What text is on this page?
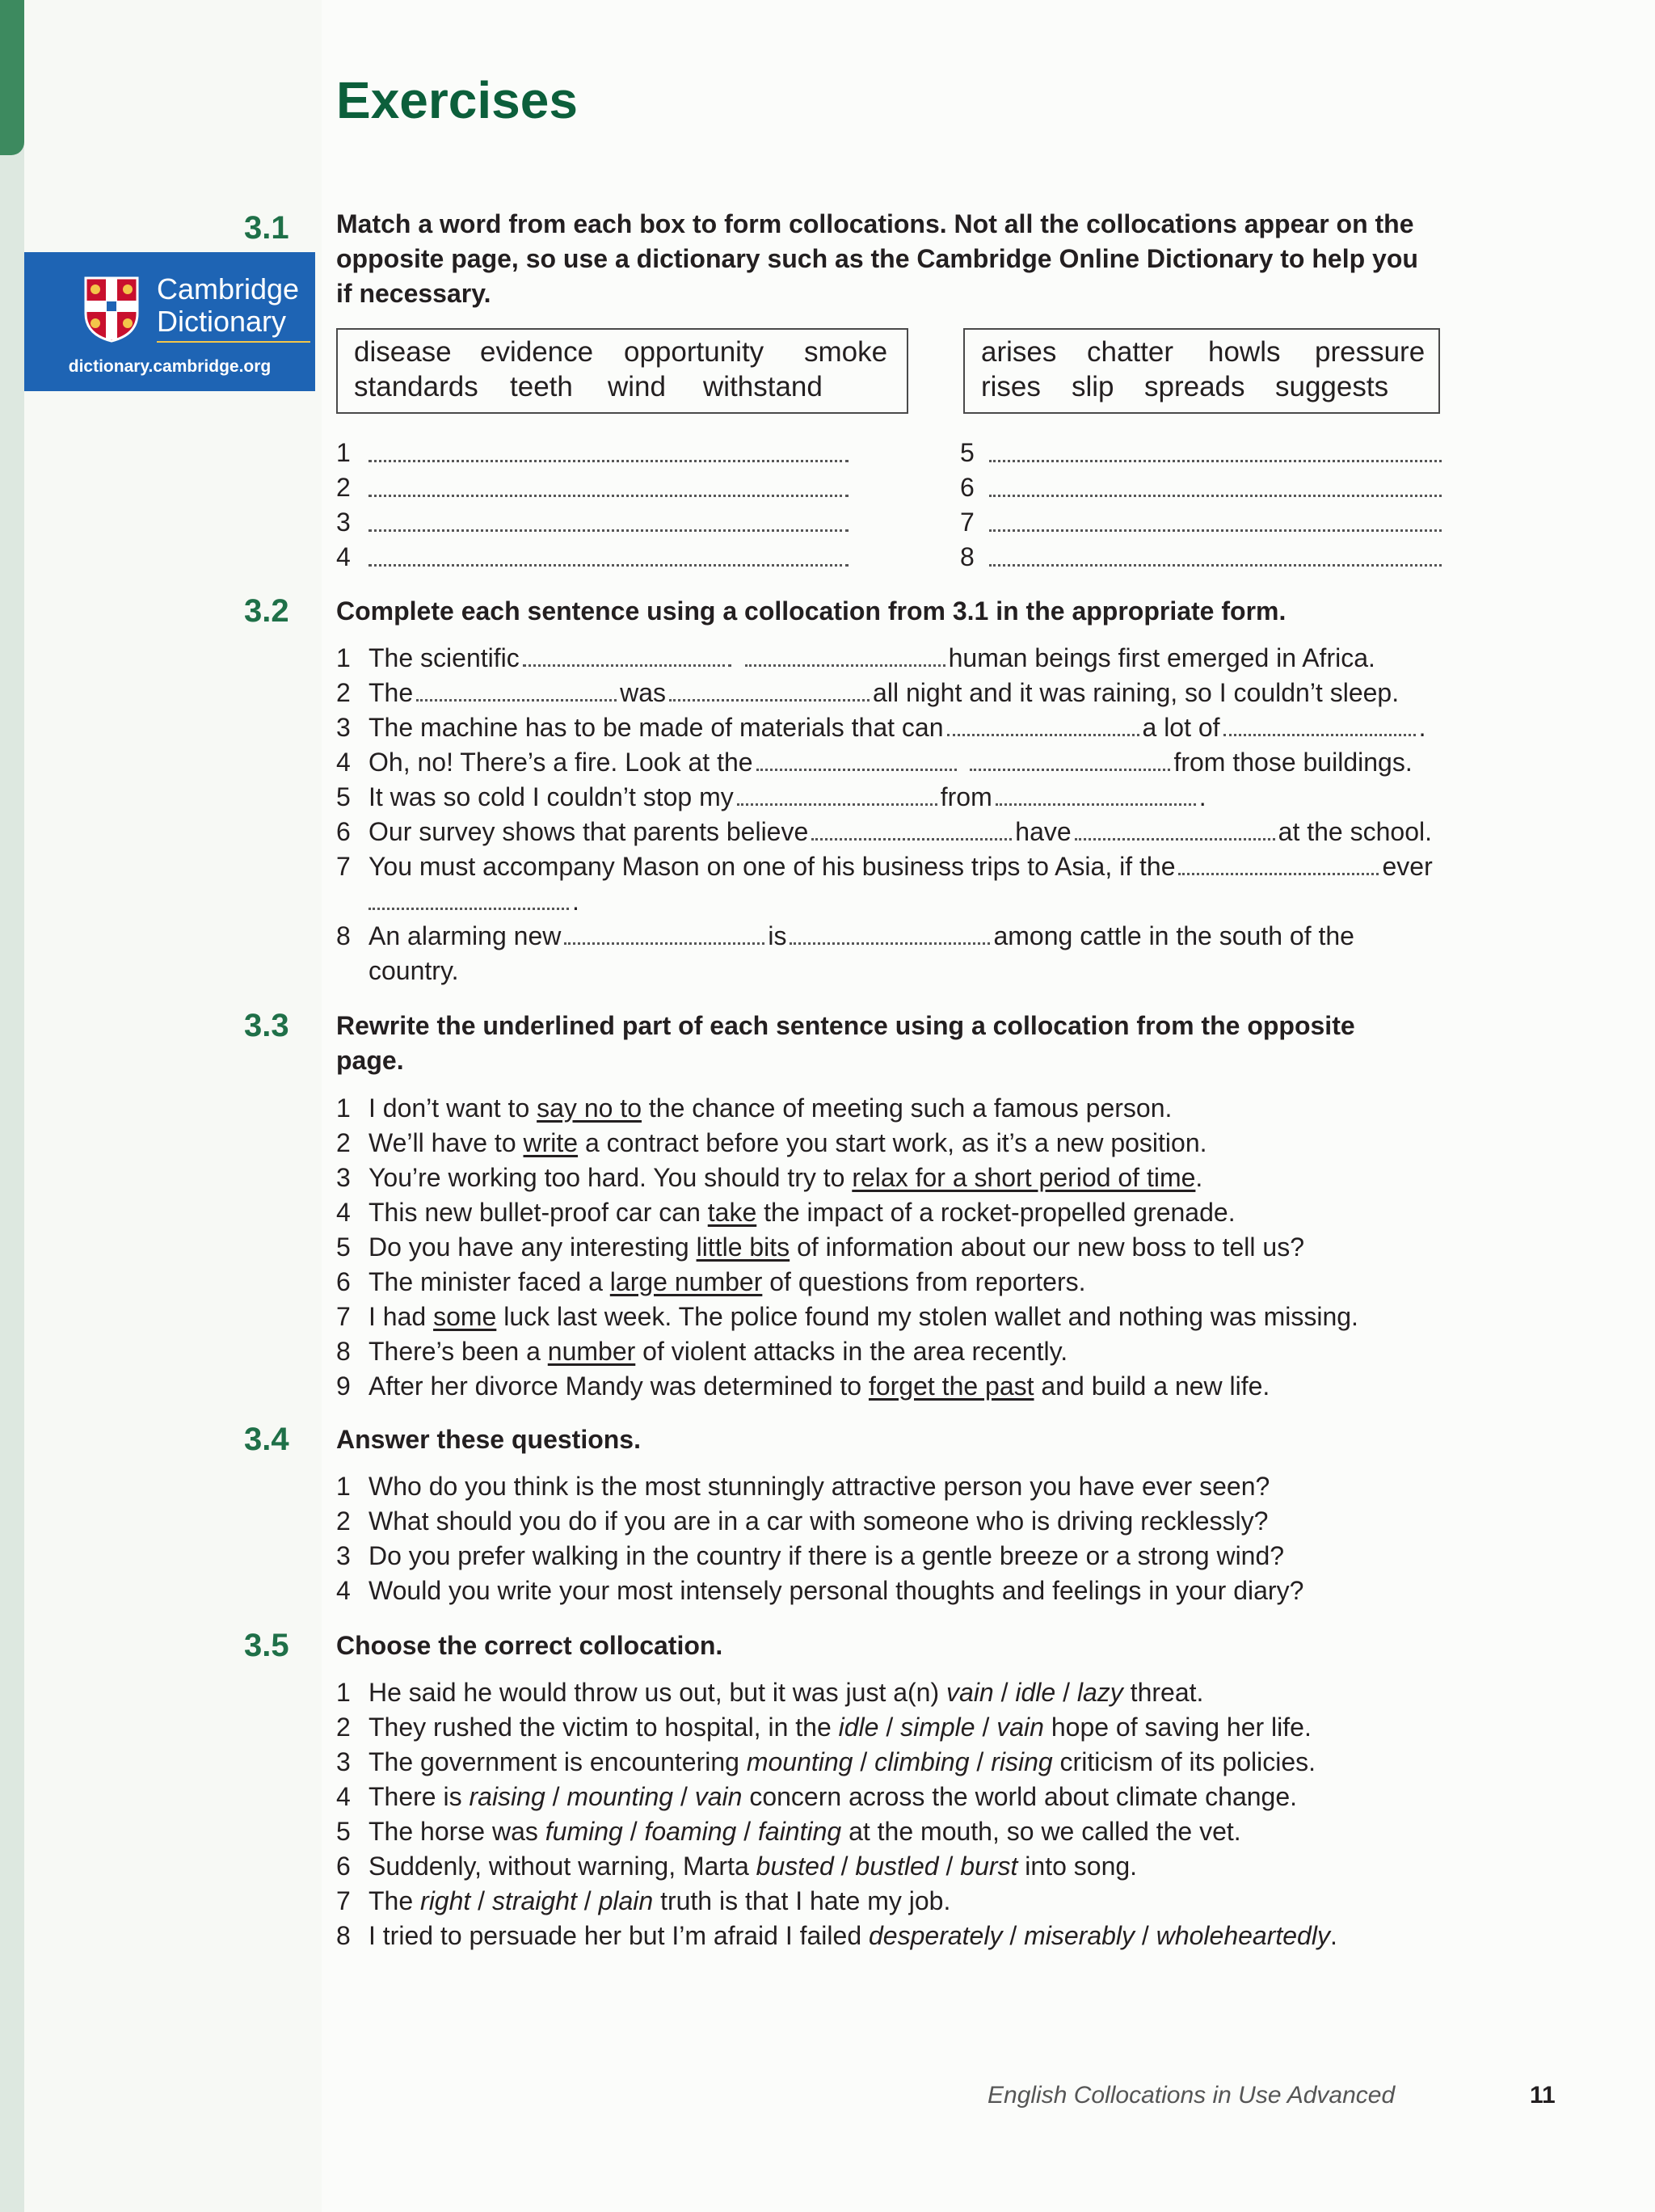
Exercises
Cambridge
Dictionary
dictionary.cambridge.org
3.1 Match a word from each box to form collocations. Not all the collocations appear on the opposite page, so use a dictionary such as the Cambridge Online Dictionary to help you if necessary.

disease evidence opportunity smoke
standards teeth wind withstand
arises chatter howls pressure
rises slip spreads suggests
1
2
3
4
5
6
7
8
3.2 Complete each sentence using a collocation from 3.1 in the appropriate form.

1 The scientific	human beings first emerged in Africa.
2 The	was	all night and it was raining, so I couldn’t sleep.
3 The machine has to be made of materials that can	a lot of	.
4 Oh, no! There’s a fire. Look at the	from those buildings.
5 It was so cold I couldn’t stop my	from	.
6 Our survey shows that parents believe	have	at the school.
7 You must accompany Mason on one of his business trips to Asia, if the	ever
.
8 An alarming new	is	among cattle in the south of the
country.
3.3 Rewrite the underlined part of each sentence using a collocation from the opposite page.

1 I don’t want to say no to the chance of meeting such a famous person.
2 We’ll have to write a contract before you start work, as it’s a new position.
3 You’re working too hard. You should try to relax for a short period of time.
4 This new bullet-proof car can take the impact of a rocket-propelled grenade.
5 Do you have any interesting little bits of information about our new boss to tell us?
6 The minister faced a large number of questions from reporters.
7 I had some luck last week. The police found my stolen wallet and nothing was missing.
8 There’s been a number of violent attacks in the area recently.
9 After her divorce Mandy was determined to forget the past and build a new life.
3.4 Answer these questions.

1 Who do you think is the most stunningly attractive person you have ever seen?
2 What should you do if you are in a car with someone who is driving recklessly?
3 Do you prefer walking in the country if there is a gentle breeze or a strong wind?
4 Would you write your most intensely personal thoughts and feelings in your diary?
3.5 Choose the correct collocation.

1 He said he would throw us out, but it was just a(n) vain / idle / lazy threat.
2 They rushed the victim to hospital, in the idle / simple / vain hope of saving her life.
3 The government is encountering mounting / climbing / rising criticism of its policies.
4 There is raising / mounting / vain concern across the world about climate change.
5 The horse was fuming / foaming / fainting at the mouth, so we called the vet.
6 Suddenly, without warning, Marta busted / bustled / burst into song.
7 The right / straight / plain truth is that I hate my job.
8 I tried to persuade her but I’m afraid I failed desperately / miserably / wholeheartedly.
English Collocations in Use Advanced	11
